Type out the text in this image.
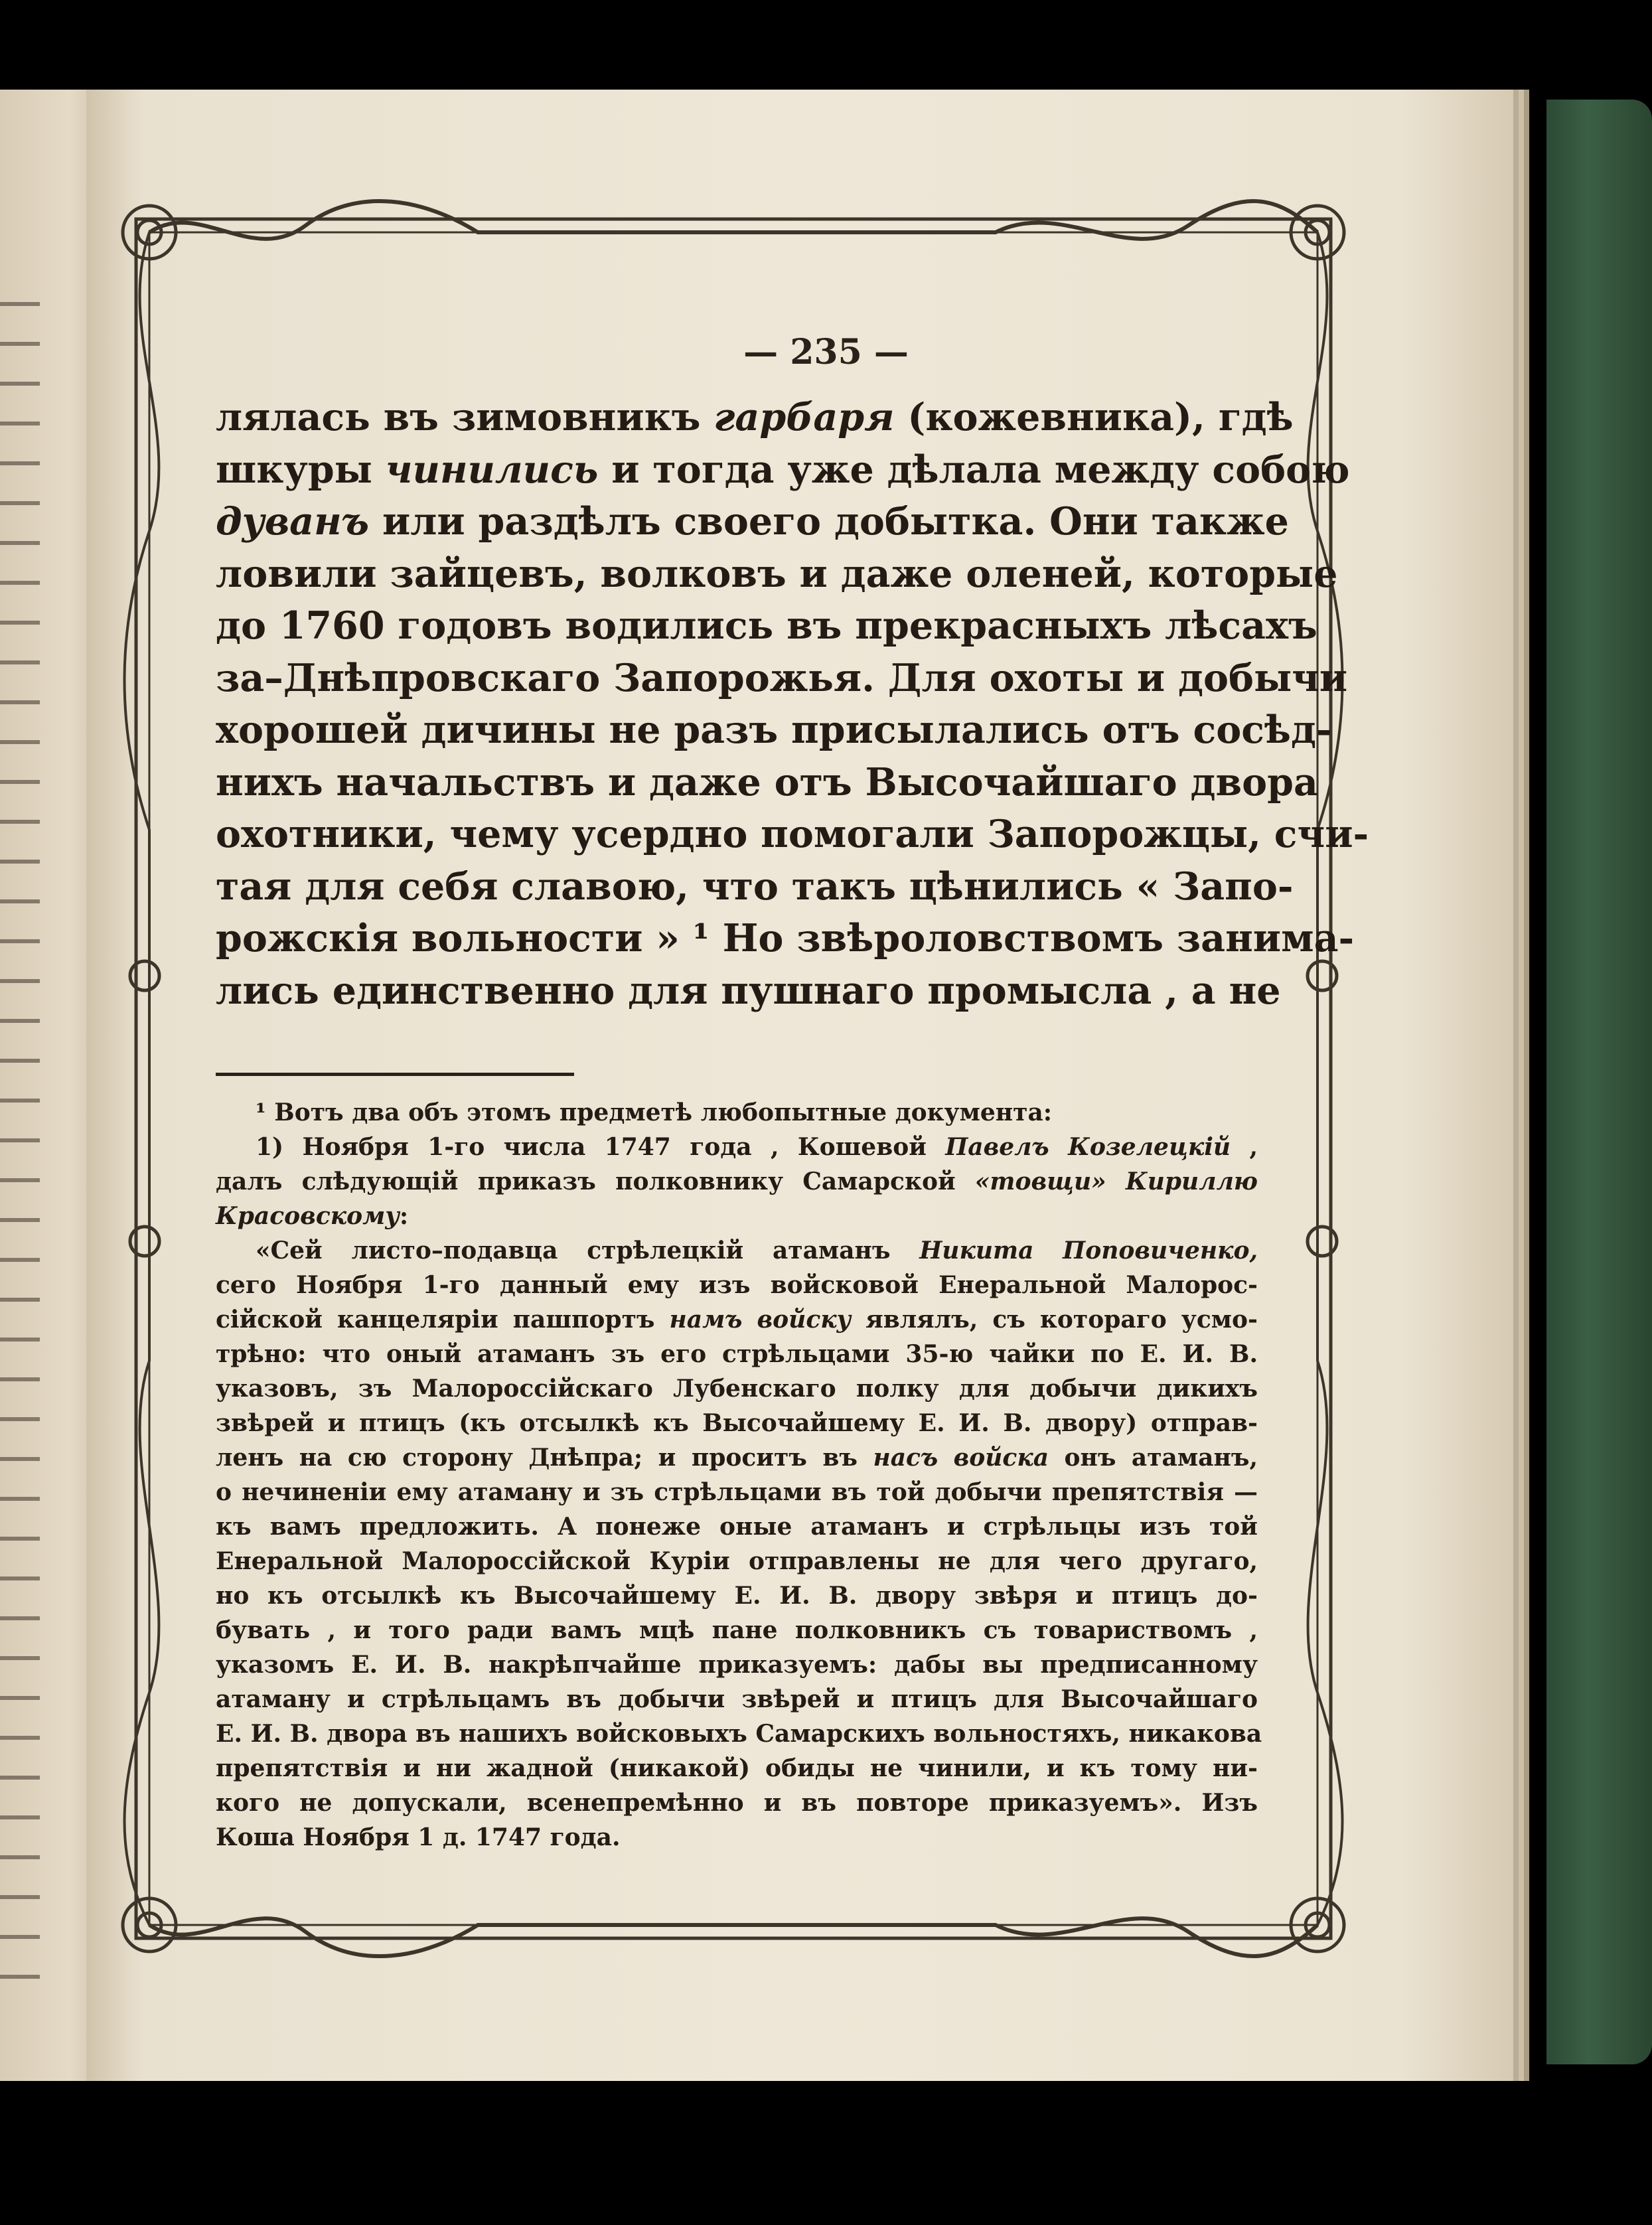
— 235 —
лялась въ зимовникъ гарбаря (кожевника), гдѣ
шкуры чинились и тогда уже дѣлала между собою
дуванъ или раздѣлъ своего добытка. Они также
ловили зайцевъ, волковъ и даже оленей, которые
до 1760 годовъ водились въ прекрасныхъ лѣсахъ
за–Днѣпровскаго Запорожья. Для охоты и добычи
хорошей дичины не разъ присылались отъ сосѣд-
нихъ начальствъ и даже отъ Высочайшаго двора
охотники, чему усердно помогали Запорожцы, счи-
тая для себя славою, что такъ цѣнились « Запо-
рожскія вольности » ¹ Но звѣроловствомъ занима-
лись единственно для пушнаго промысла , а не
¹ Вотъ два объ этомъ предметѣ любопытные документа:
1) Ноября 1-го числа 1747 года , Кошевой Павелъ Козелецкій ,
далъ слѣдующій приказъ полковнику Самарской «товщи» Кириллю
Красовскому:
«Сей листо–подавца стрѣлецкій атаманъ Никита Поповиченко,
сего Ноября 1-го данный ему изъ войсковой Енеральной Малорос-
сійской канцеляріи пашпортъ намъ войску являлъ, съ котораго усмо-
трѣно: что оный атаманъ зъ его стрѣльцами 35-ю чайки по Е. И. В.
указовъ, зъ Малороссійскаго Лубенскаго полку для добычи дикихъ
звѣрей и птицъ (къ отсылкѣ къ Высочайшему Е. И. В. двору) отправ-
ленъ на сю сторону Днѣпра; и проситъ въ насъ войска онъ атаманъ,
о нечиненіи ему атаману и зъ стрѣльцами въ той добычи препятствія —
къ вамъ предложить. А понеже оные атаманъ и стрѣльцы изъ той
Енеральной Малороссійской Куріи отправлены не для чего другаго,
но къ отсылкѣ къ Высочайшему Е. И. В. двору звѣря и птицъ до-
бувать , и того ради вамъ мцѣ пане полковникъ съ товариствомъ ,
указомъ Е. И. В. накрѣпчайше приказуемъ: дабы вы предписанному
атаману и стрѣльцамъ въ добычи звѣрей и птицъ для Высочайшаго
Е. И. В. двора въ нашихъ войсковыхъ Самарскихъ вольностяхъ, никакова
препятствія и ни жадной (никакой) обиды не чинили, и къ тому ни-
кого не допускали, всенепремѣнно и въ повторе приказуемъ». Изъ
Коша Ноября 1 д. 1747 года.
